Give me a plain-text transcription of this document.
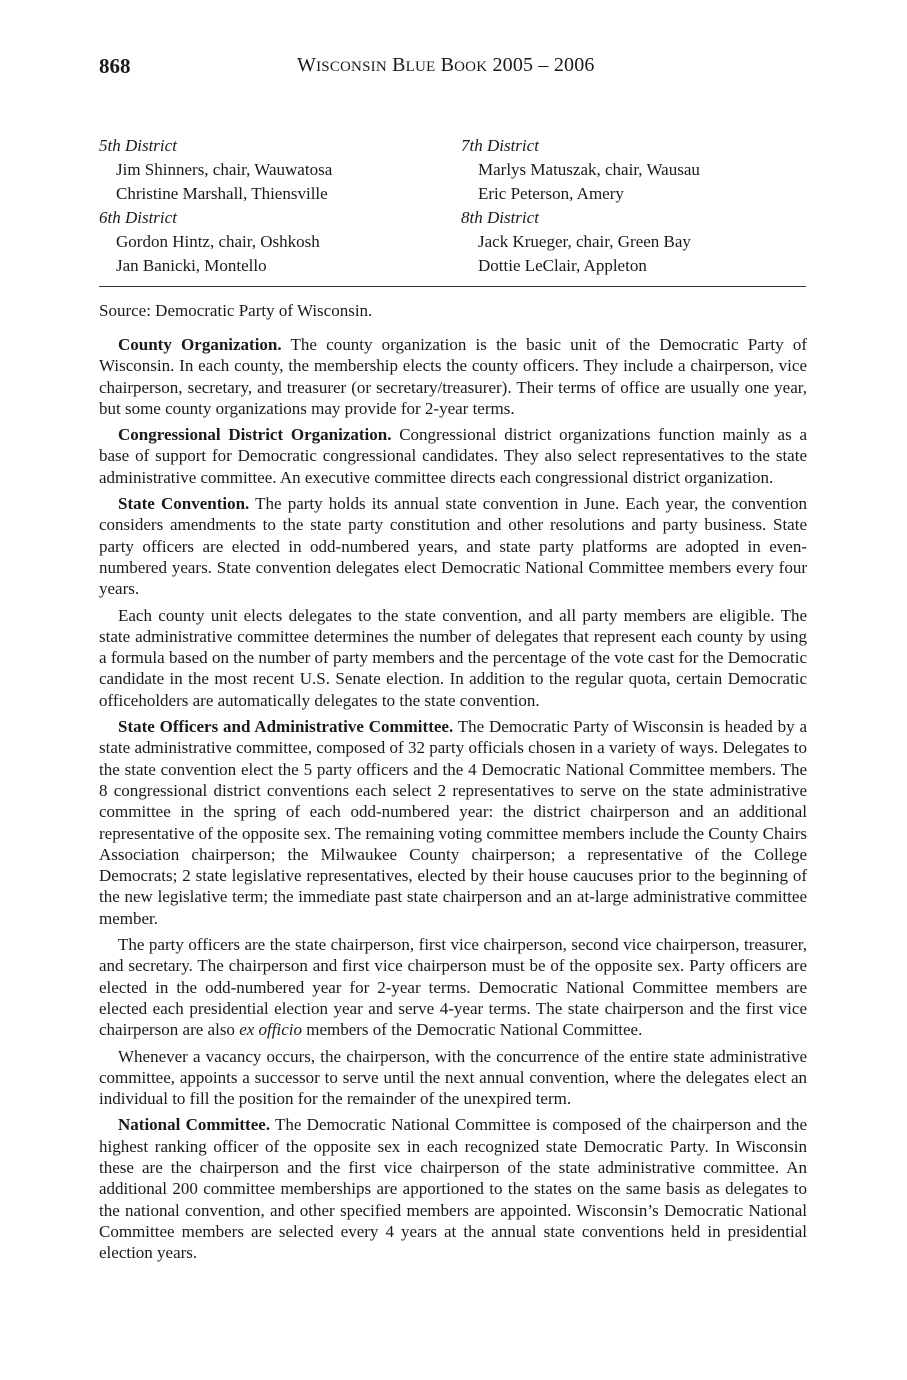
868	WISCONSIN BLUE BOOK 2005 – 2006
5th District
Jim Shinners, chair, Wauwatosa
Christine Marshall, Thiensville
6th District
Gordon Hintz, chair, Oshkosh
Jan Banicki, Montello
7th District
Marlys Matuszak, chair, Wausau
Eric Peterson, Amery
8th District
Jack Krueger, chair, Green Bay
Dottie LeClair, Appleton
Source: Democratic Party of Wisconsin.

County Organization. The county organization is the basic unit of the Democratic Party of Wisconsin. In each county, the membership elects the county officers. They include a chairperson, vice chairperson, secretary, and treasurer (or secretary/treasurer). Their terms of office are usually one year, but some county organizations may provide for 2-year terms.

Congressional District Organization. Congressional district organizations function mainly as a base of support for Democratic congressional candidates. They also select representatives to the state administrative committee. An executive committee directs each congressional district organization.

State Convention. The party holds its annual state convention in June. Each year, the convention considers amendments to the state party constitution and other resolutions and party business. State party officers are elected in odd-numbered years, and state party platforms are adopted in even-numbered years. State convention delegates elect Democratic National Committee members every four years.

Each county unit elects delegates to the state convention, and all party members are eligible. The state administrative committee determines the number of delegates that represent each county by using a formula based on the number of party members and the percentage of the vote cast for the Democratic candidate in the most recent U.S. Senate election. In addition to the regular quota, certain Democratic officeholders are automatically delegates to the state convention.

State Officers and Administrative Committee. The Democratic Party of Wisconsin is headed by a state administrative committee, composed of 32 party officials chosen in a variety of ways. Delegates to the state convention elect the 5 party officers and the 4 Democratic National Committee members. The 8 congressional district conventions each select 2 representatives to serve on the state administrative committee in the spring of each odd-numbered year: the district chairperson and an additional representative of the opposite sex. The remaining voting committee members include the County Chairs Association chairperson; the Milwaukee County chairperson; a representative of the College Democrats; 2 state legislative representatives, elected by their house caucuses prior to the beginning of the new legislative term; the immediate past state chairperson and an at-large administrative committee member.

The party officers are the state chairperson, first vice chairperson, second vice chairperson, treasurer, and secretary. The chairperson and first vice chairperson must be of the opposite sex. Party officers are elected in the odd-numbered year for 2-year terms. Democratic National Committee members are elected each presidential election year and serve 4-year terms. The state chairperson and the first vice chairperson are also ex officio members of the Democratic National Committee.

Whenever a vacancy occurs, the chairperson, with the concurrence of the entire state administrative committee, appoints a successor to serve until the next annual convention, where the delegates elect an individual to fill the position for the remainder of the unexpired term.

National Committee. The Democratic National Committee is composed of the chairperson and the highest ranking officer of the opposite sex in each recognized state Democratic Party. In Wisconsin these are the chairperson and the first vice chairperson of the state administrative committee. An additional 200 committee memberships are apportioned to the states on the same basis as delegates to the national convention, and other specified members are appointed. Wisconsin’s Democratic National Committee members are selected every 4 years at the annual state conventions held in presidential election years.
